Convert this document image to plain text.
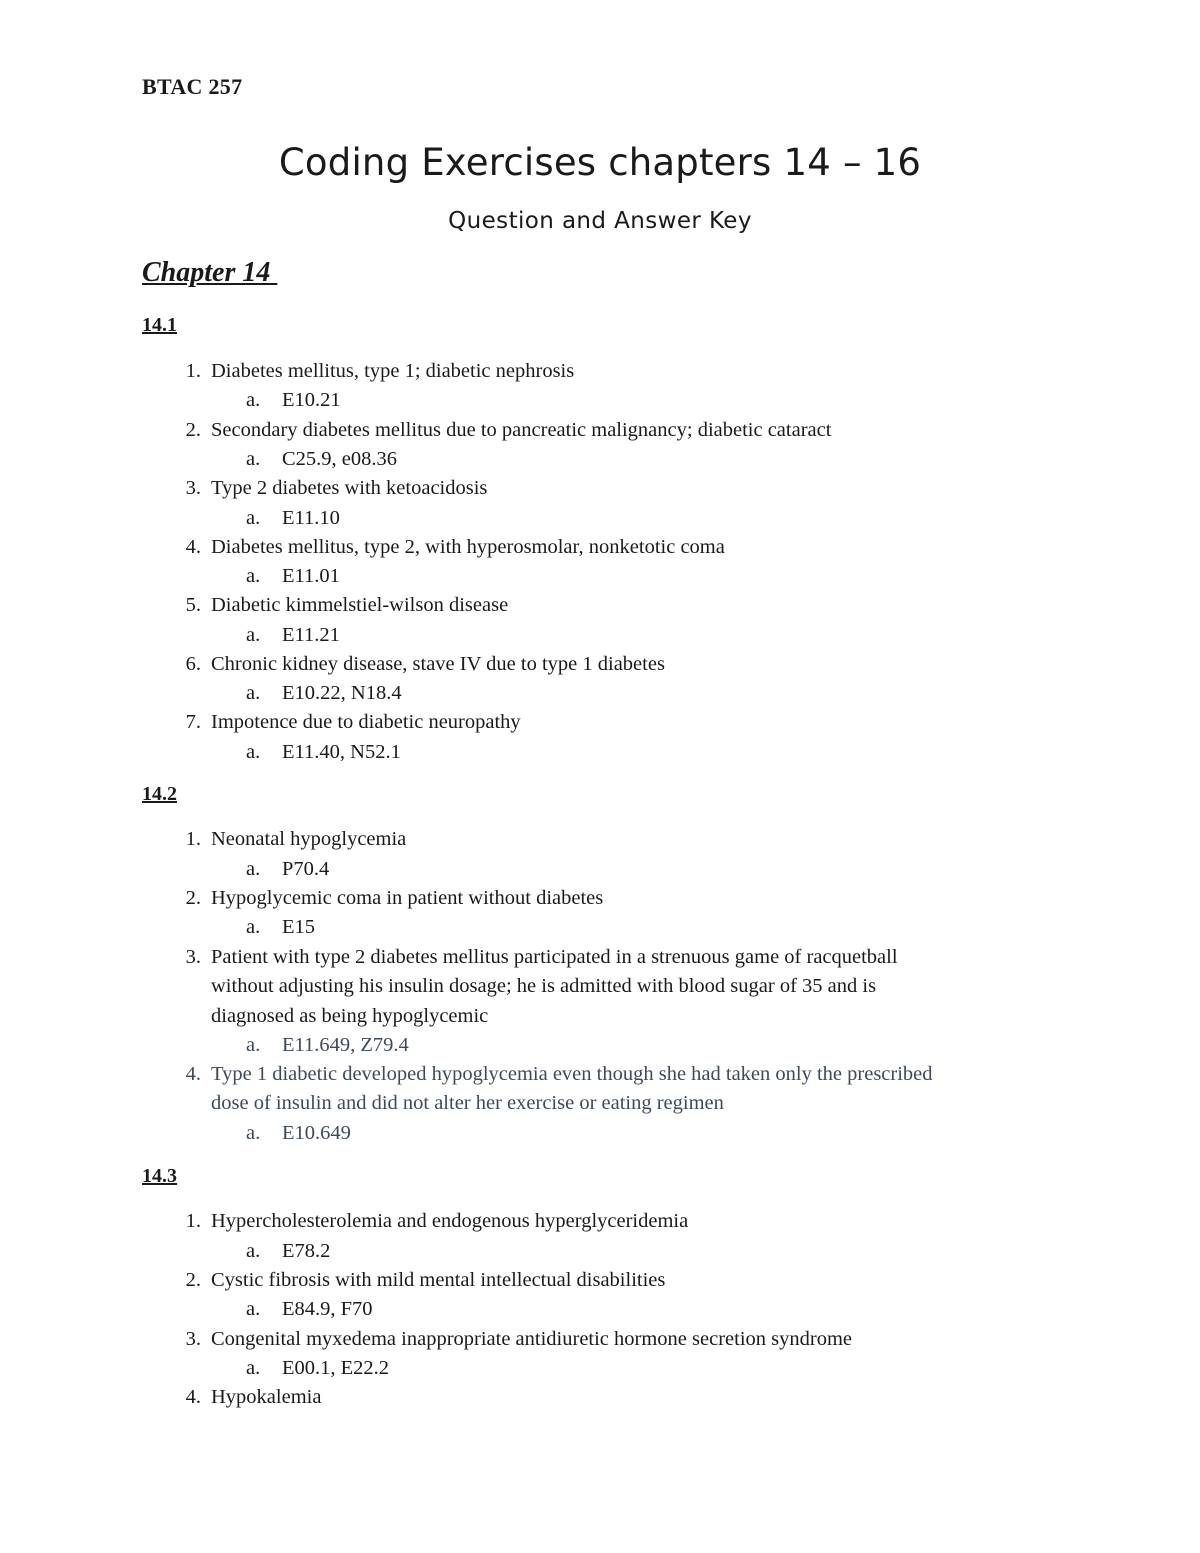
BTAC 257
Coding Exercises chapters 14 – 16
Question and Answer Key
Chapter 14
14.1
1. Diabetes mellitus, type 1; diabetic nephrosis
a.	E10.21
2. Secondary diabetes mellitus due to pancreatic malignancy; diabetic cataract
a.	C25.9, e08.36
3. Type 2 diabetes with ketoacidosis
a.	E11.10
4. Diabetes mellitus, type 2, with hyperosmolar, nonketotic coma
a.	E11.01
5. Diabetic kimmelstiel-wilson disease
a.	E11.21
6. Chronic kidney disease, stave IV due to type 1 diabetes
a.	E10.22, N18.4
7. Impotence due to diabetic neuropathy
a.	E11.40, N52.1
14.2
1. Neonatal hypoglycemia
a.	P70.4
2. Hypoglycemic coma in patient without diabetes
a.	E15
3. Patient with type 2 diabetes mellitus participated in a strenuous game of racquetball
without adjusting his insulin dosage; he is admitted with blood sugar of 35 and is
diagnosed as being hypoglycemic
a.	E11.649, Z79.4
4. Type 1 diabetic developed hypoglycemia even though she had taken only the prescribed
dose of insulin and did not alter her exercise or eating regimen
a.	E10.649
14.3
1. Hypercholesterolemia and endogenous hyperglyceridemia
a.	E78.2
2. Cystic fibrosis with mild mental intellectual disabilities
a.	E84.9, F70
3. Congenital myxedema inappropriate antidiuretic hormone secretion syndrome
a.	E00.1, E22.2
4. Hypokalemia
